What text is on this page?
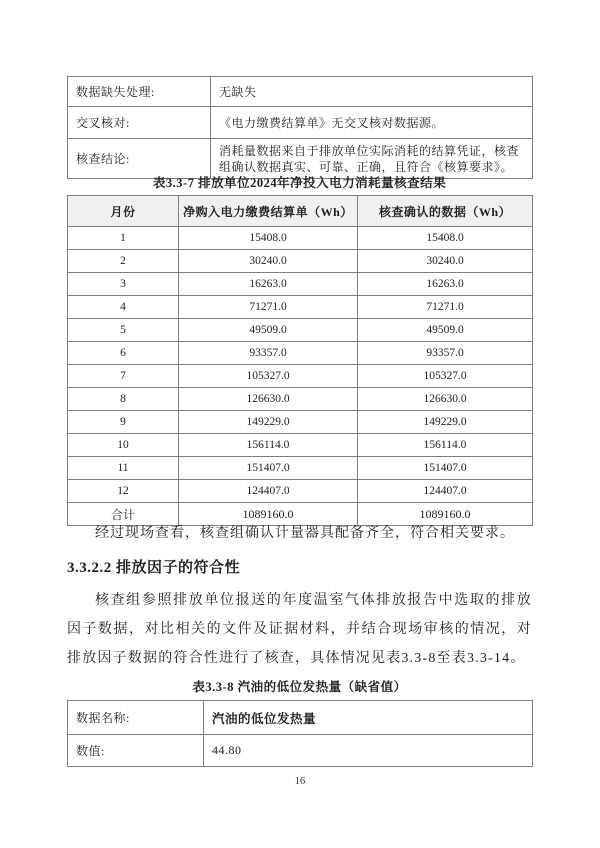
数据缺失处理:	无缺失
交叉核对:	《电力缴费结算单》无交叉核对数据源。
核查结论:	消耗量数据来自于排放单位实际消耗的结算凭证，核查组确认数据真实、可靠、正确，且符合《核算要求》。
表3.3-7 排放单位2024年净投入电力消耗量核查结果
月份	净购入电力缴费结算单（Wh）	核查确认的数据（Wh）
1	15408.0	15408.0
2	30240.0	30240.0
3	16263.0	16263.0
4	71271.0	71271.0
5	49509.0	49509.0
6	93357.0	93357.0
7	105327.0	105327.0
8	126630.0	126630.0
9	149229.0	149229.0
10	156114.0	156114.0
11	151407.0	151407.0
12	124407.0	124407.0
合计	1089160.0	1089160.0
经过现场查看，核查组确认计量器具配备齐全，符合相关要求。
3.3.2.2 排放因子的符合性
核查组参照排放单位报送的年度温室气体排放报告中选取的排放因子数据，对比相关的文件及证据材料，并结合现场审核的情况，对排放因子数据的符合性进行了核查，具体情况见表3.3-8至表3.3-14。
表3.3-8 汽油的低位发热量（缺省值）
数据名称:	汽油的低位发热量
数值:	44.80
16
